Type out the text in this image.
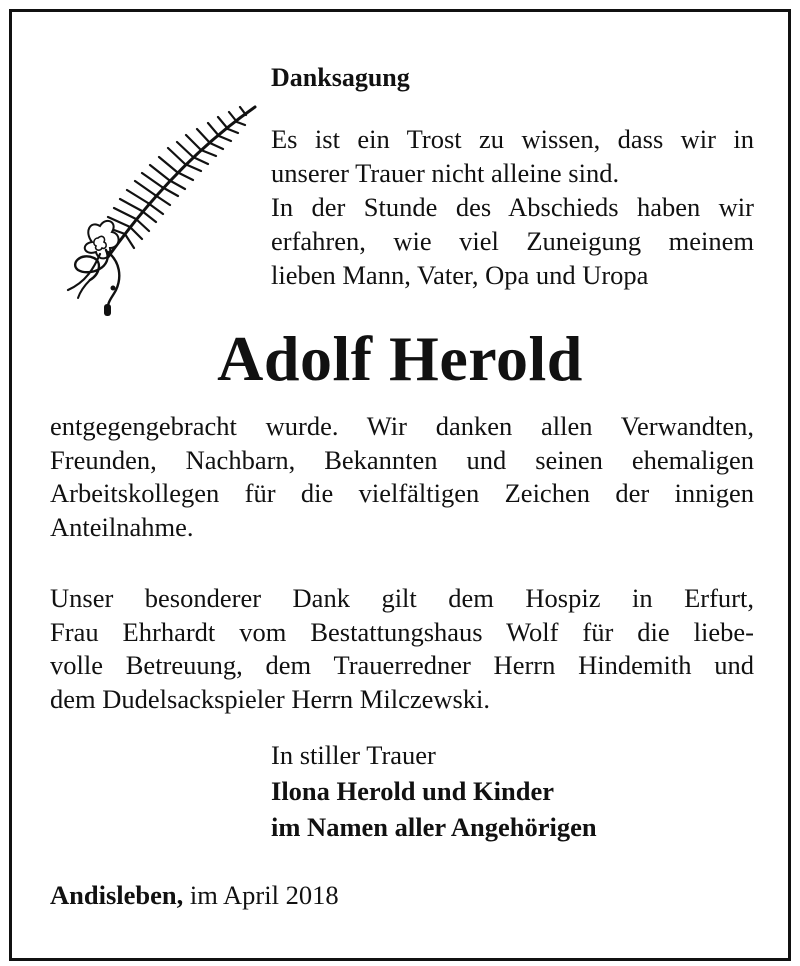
Danksagung

Es ist ein Trost zu wissen, dass wir in
unserer Trauer nicht alleine sind.
In der Stunde des Abschieds haben wir
erfahren, wie viel Zuneigung meinem
lieben Mann, Vater, Opa und Uropa

Adolf Herold

entgegengebracht wurde. Wir danken allen Verwandten,
Freunden, Nachbarn, Bekannten und seinen ehemaligen
Arbeitskollegen für die vielfältigen Zeichen der innigen
Anteilnahme.

Unser besonderer Dank gilt dem Hospiz in Erfurt,
Frau Ehrhardt vom Bestattungshaus Wolf für die liebe-
volle Betreuung, dem Trauerredner Herrn Hindemith und
dem Dudelsackspieler Herrn Milczewski.

In stiller Trauer
Ilona Herold und Kinder
im Namen aller Angehörigen

Andisleben, im April 2018
